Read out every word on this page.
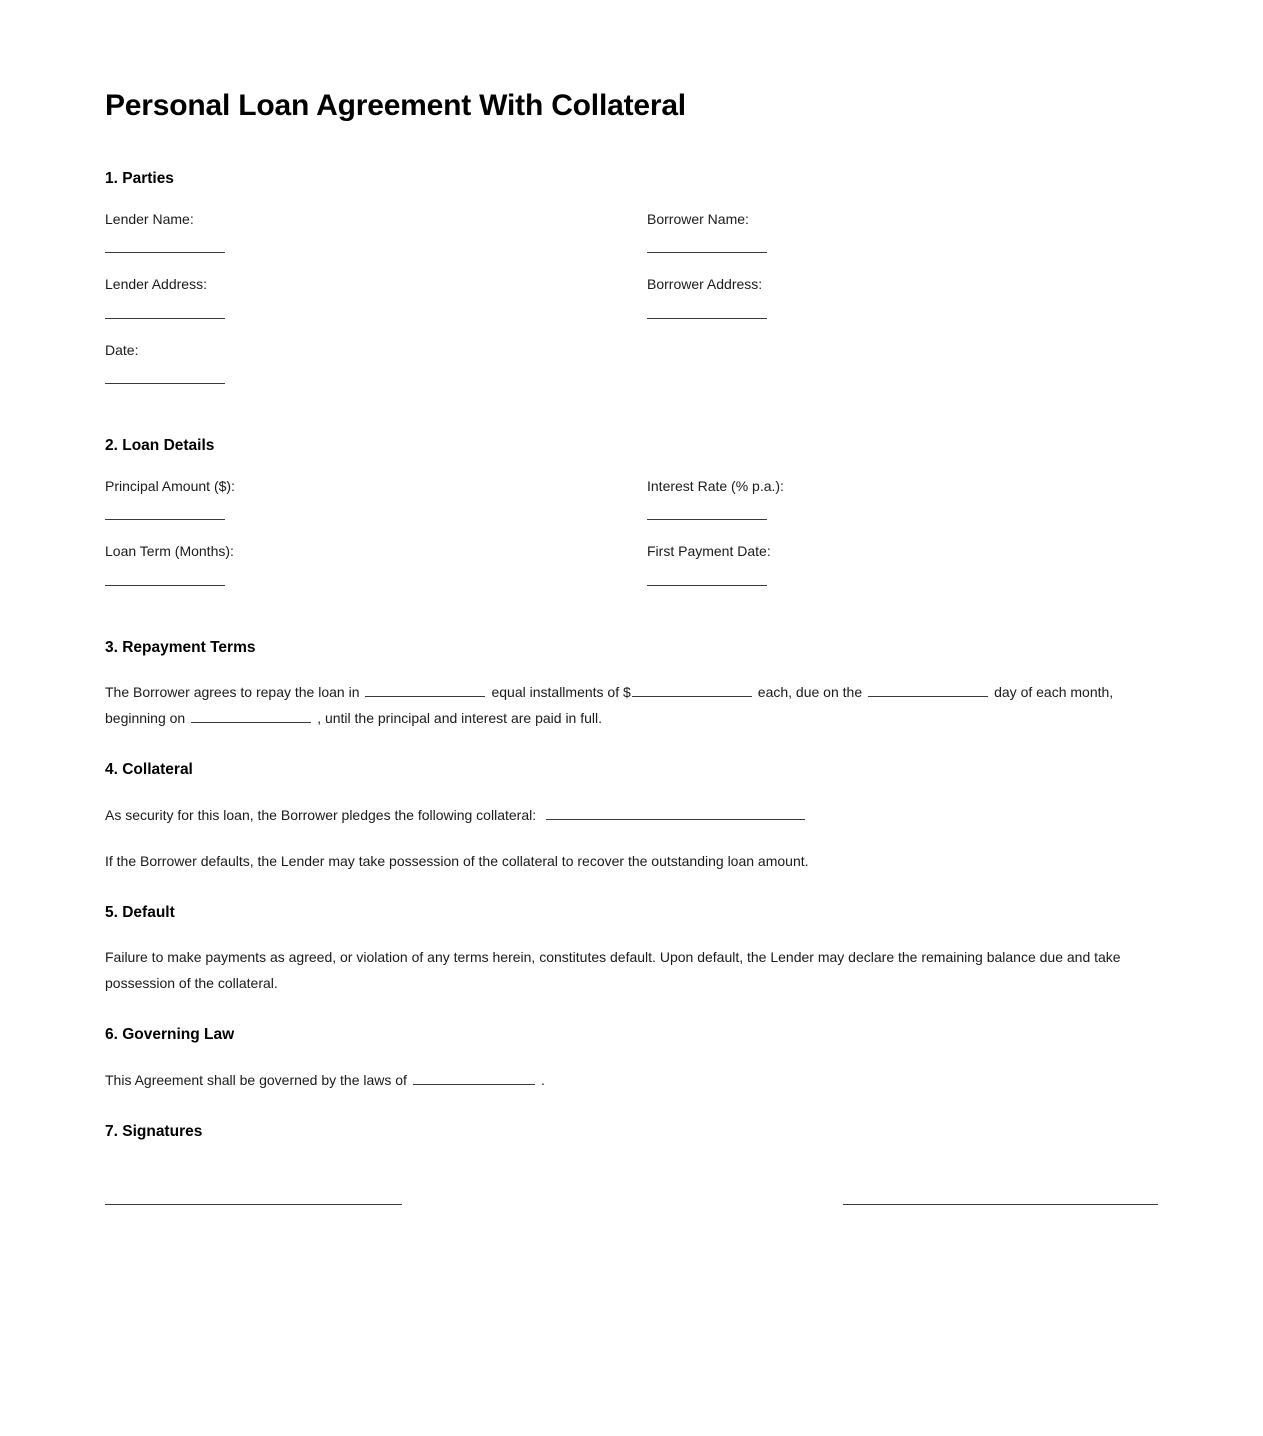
Personal Loan Agreement With Collateral
1. Parties
Lender Name:	Borrower Name:
Lender Address:	Borrower Address:
Date:
2. Loan Details
Principal Amount ($):	Interest Rate (% p.a.):
Loan Term (Months):	First Payment Date:
3. Repayment Terms
The Borrower agrees to repay the loan in	equal installments of $	each, due on the	day of each month, beginning on	, until the principal and interest are paid in full.
4. Collateral
As security for this loan, the Borrower pledges the following collateral:
If the Borrower defaults, the Lender may take possession of the collateral to recover the outstanding loan amount.
5. Default
Failure to make payments as agreed, or violation of any terms herein, constitutes default. Upon default, the Lender may declare the remaining balance due and take possession of the collateral.
6. Governing Law
This Agreement shall be governed by the laws of	.
7. Signatures
